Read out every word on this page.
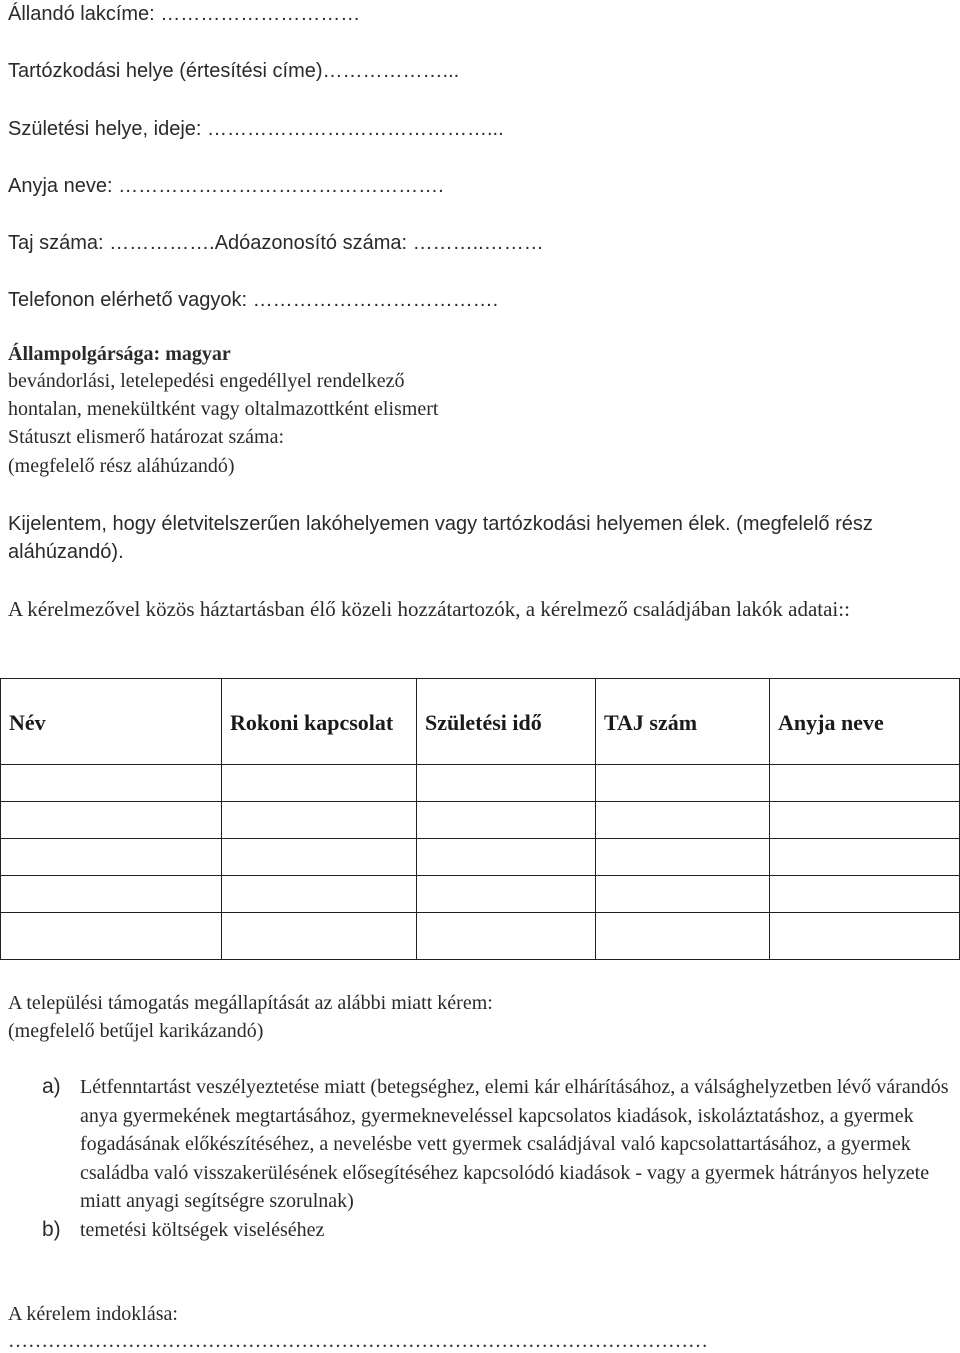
Állandó lakcíme: …………………………
Tartózkodási helye (értesítési címe)………………...
Születési helye, ideje: ……………………………………...
Anyja neve: ………………………………………….
Taj száma: …………….Adóazonosító száma: ………..………
Telefonon elérhető vagyok: ……………………………….
Állampolgársága: magyar
bevándorlási, letelepedési engedéllyel rendelkező
hontalan, menekültként vagy oltalmazottként elismert
Státuszt elismerő határozat száma:
(megfelelő rész aláhúzandó)
Kijelentem, hogy életvitelszerűen lakóhelyemen vagy tartózkodási helyemen élek. (megfelelő rész aláhúzandó).
A kérelmezővel közös háztartásban élő közeli hozzátartozók, a kérelmező családjában lakók adatai::
Név	Rokoni kapcsolat	Születési idő	TAJ szám	Anyja neve

A települési támogatás megállapítását az alábbi miatt kérem:
(megfelelő betűjel karikázandó)
a) Létfenntartást veszélyeztetése miatt (betegséghez, elemi kár elhárításához, a válsághelyzetben lévő várandós anya gyermekének megtartásához, gyermekneveléssel kapcsolatos kiadások, iskoláztatáshoz, a gyermek fogadásának előkészítéséhez, a nevelésbe vett gyermek családjával való kapcsolattartásához, a gyermek családba való visszakerülésének elősegítéséhez kapcsolódó kiadások - vagy a gyermek hátrányos helyzete miatt anyagi segítségre szorulnak)
b) temetési költségek viseléséhez
A kérelem indoklása:
……………………………………………………………………………………………
